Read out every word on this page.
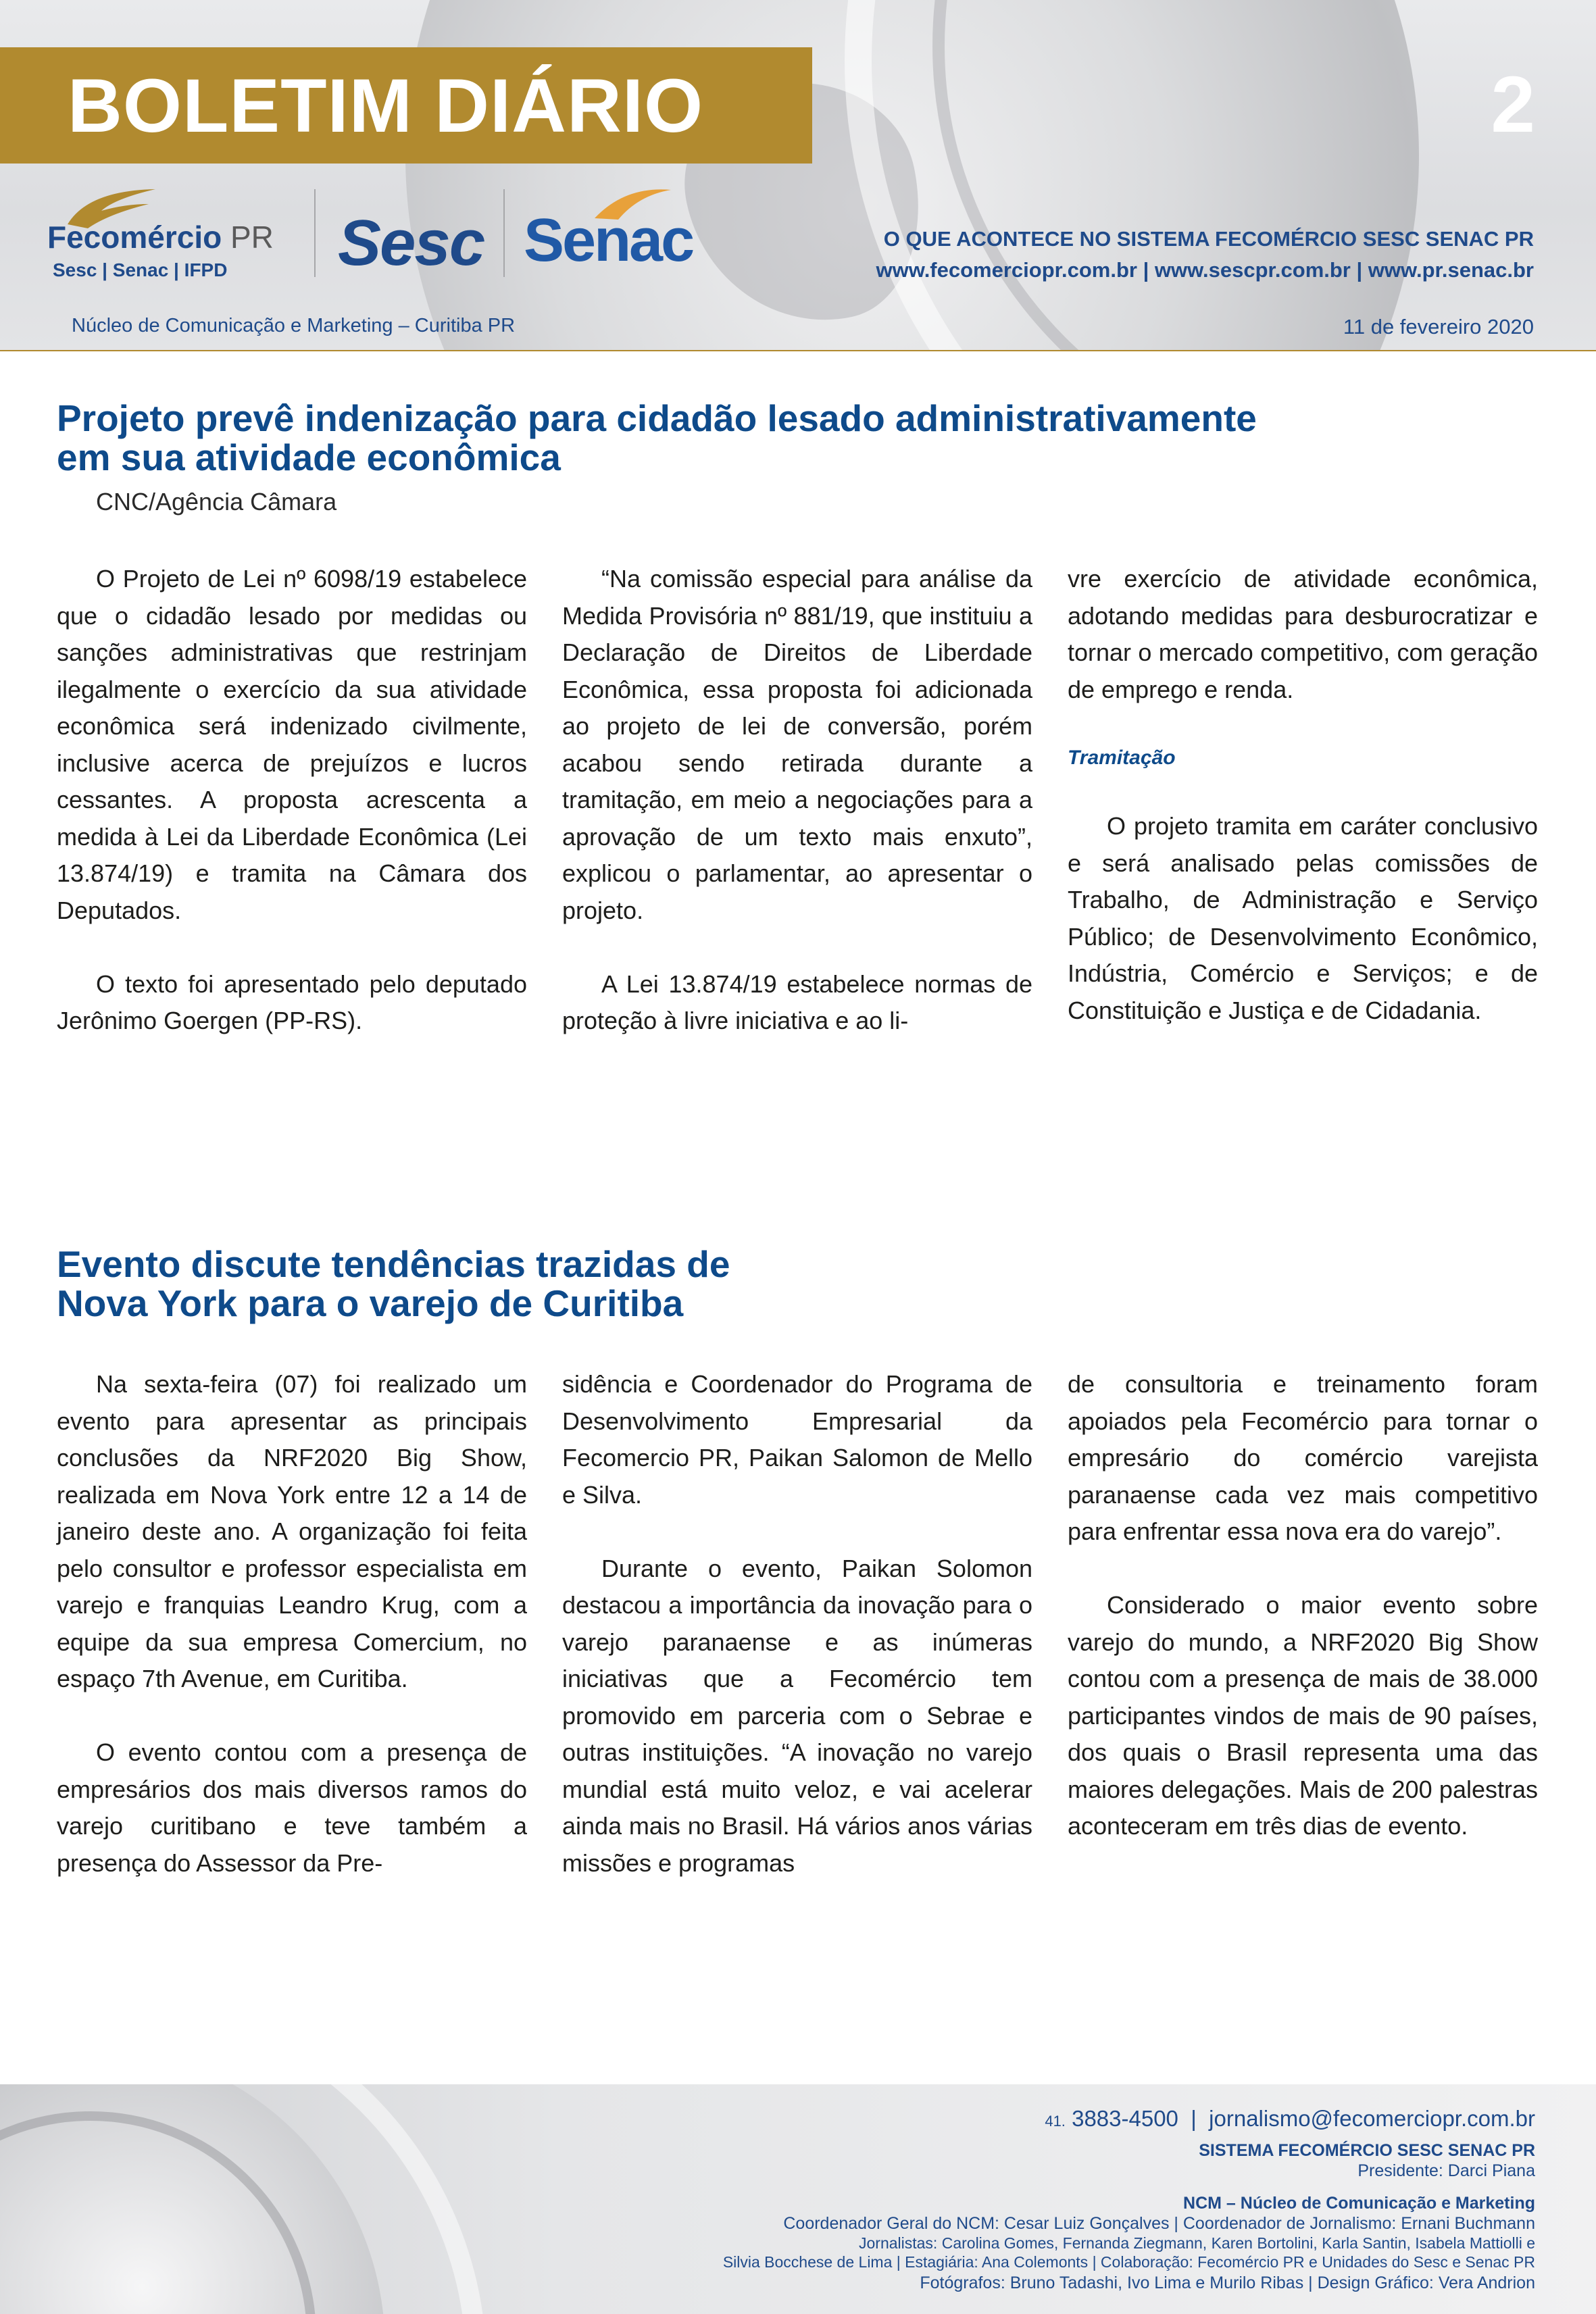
BOLETIM DIÁRIO	2
Fecomércio PR
Sesc | Senac | IFPD Sesc Senac	O QUE ACONTECE NO SISTEMA FECOMÉRCIO SESC SENAC PR
www.fecomerciopr.com.br | www.sescpr.com.br | www.pr.senac.br
Núcleo de Comunicação e Marketing – Curitiba PR	11 de fevereiro 2020
Projeto prevê indenização para cidadão lesado administrativamente
em sua atividade econômica
CNC/Agência Câmara

O Projeto de Lei nº 6098/19 estabelece que o cidadão lesado por medidas ou sanções administrativas que restrinjam ilegalmente o exercício da sua atividade econômica será indenizado civilmente, inclusive acerca de prejuízos e lucros cessantes. A proposta acrescenta a medida à Lei da Liberdade Econômica (Lei 13.874/19) e tramita na Câmara dos Deputados.

O texto foi apresentado pelo deputado Jerônimo Goergen (PP-RS).

“Na comissão especial para análise da Medida Provisória nº 881/19, que instituiu a Declaração de Direitos de Liberdade Econômica, essa proposta foi adicionada ao projeto de lei de conversão, porém acabou sendo retirada durante a tramitação, em meio a negociações para a aprovação de um texto mais enxuto”, explicou o parlamentar, ao apresentar o projeto.

A Lei 13.874/19 estabelece normas de proteção à livre iniciativa e ao li-

vre exercício de atividade econômica, adotando medidas para desburocratizar e tornar o mercado competitivo, com geração de emprego e renda.

Tramitação

O projeto tramita em caráter conclusivo e será analisado pelas comissões de Trabalho, de Administração e Serviço Público; de Desenvolvimento Econômico, Indústria, Comércio e Serviços; e de Constituição e Justiça e de Cidadania.

Evento discute tendências trazidas de
Nova York para o varejo de Curitiba

Na sexta-feira (07) foi realizado um evento para apresentar as principais conclusões da NRF2020 Big Show, realizada em Nova York entre 12 a 14 de janeiro deste ano. A organização foi feita pelo consultor e professor especialista em varejo e franquias Leandro Krug, com a equipe da sua empresa Comercium, no espaço 7th Avenue, em Curitiba.

O evento contou com a presença de empresários dos mais diversos ramos do varejo curitibano e teve também a presença do Assessor da Pre-

sidência e Coordenador do Programa de Desenvolvimento Empresarial da Fecomercio PR, Paikan Salomon de Mello e Silva.

Durante o evento, Paikan Solomon destacou a importância da inovação para o varejo paranaense e as inúmeras iniciativas que a Fecomércio tem promovido em parceria com o Sebrae e outras instituições. “A inovação no varejo mundial está muito veloz, e vai acelerar ainda mais no Brasil. Há vários anos várias missões e programas

de consultoria e treinamento foram apoiados pela Fecomércio para tornar o empresário do comércio varejista paranaense cada vez mais competitivo para enfrentar essa nova era do varejo”.

Considerado o maior evento sobre varejo do mundo, a NRF2020 Big Show contou com a presença de mais de 38.000 participantes vindos de mais de 90 países, dos quais o Brasil representa uma das maiores delegações. Mais de 200 palestras aconteceram em três dias de evento.

41. 3883-4500  |  jornalismo@fecomerciopr.com.br
SISTEMA FECOMÉRCIO SESC SENAC PR
Presidente: Darci Piana
NCM – Núcleo de Comunicação e Marketing
Coordenador Geral do NCM: Cesar Luiz Gonçalves | Coordenador de Jornalismo: Ernani Buchmann
Jornalistas: Carolina Gomes, Fernanda Ziegmann, Karen Bortolini, Karla Santin, Isabela Mattiolli e
Silvia Bocchese de Lima | Estagiária: Ana Colemonts | Colaboração: Fecomércio PR e Unidades do Sesc e Senac PR
Fotógrafos: Bruno Tadashi, Ivo Lima e Murilo Ribas | Design Gráfico: Vera Andrion
